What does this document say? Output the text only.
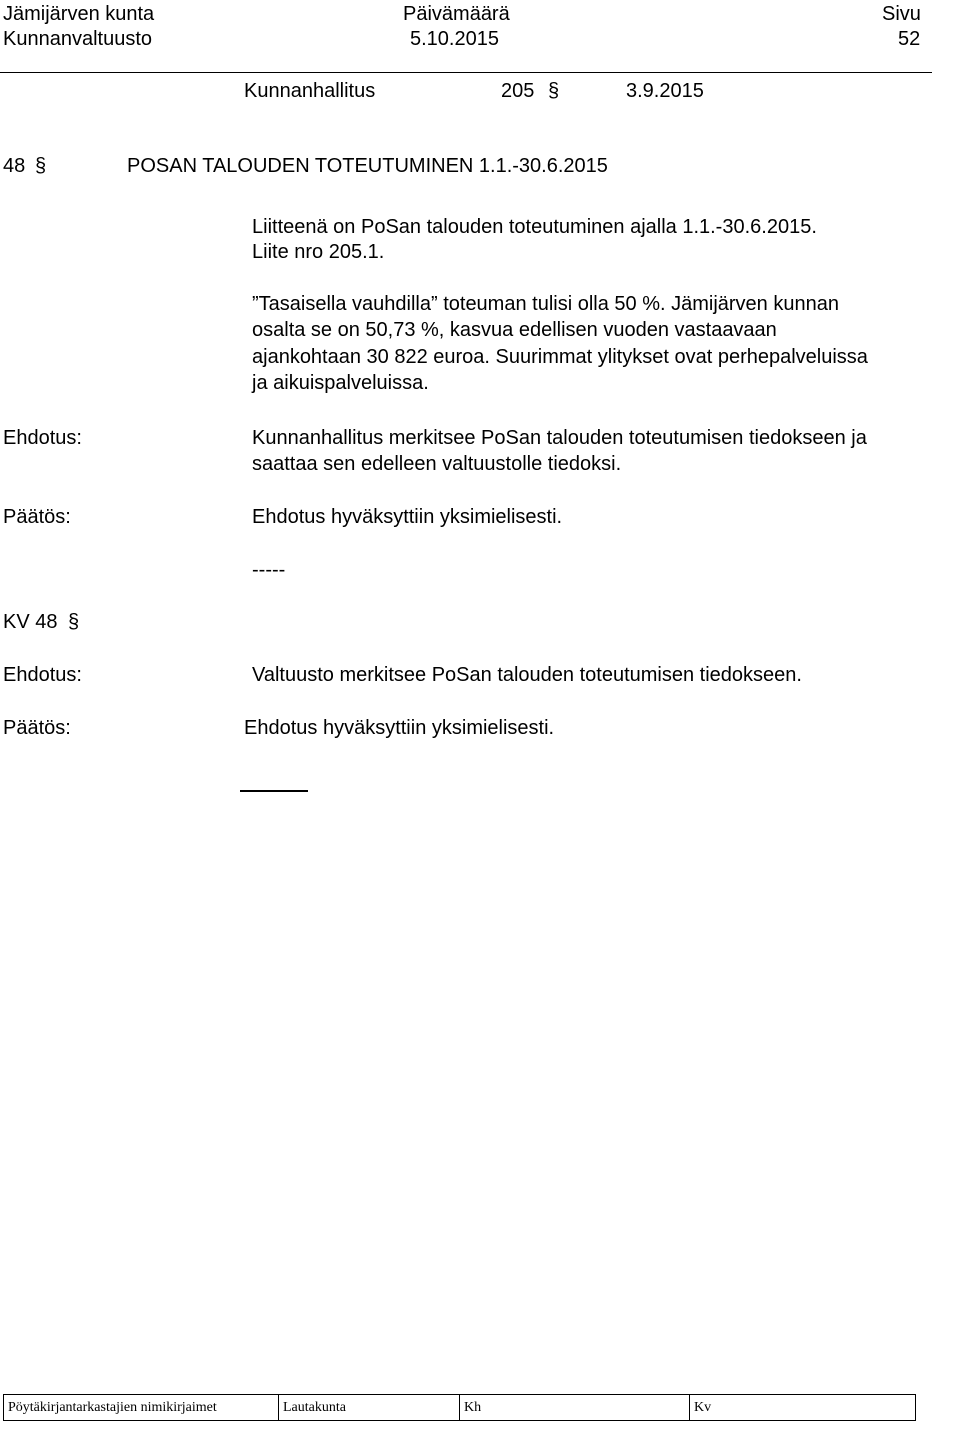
Jämijärven kunta
Kunnanvaltuusto
Päivämäärä
5.10.2015
Sivu
52
Kunnanhallitus	205 §	3.9.2015
48 §	POSAN TALOUDEN TOTEUTUMINEN 1.1.-30.6.2015
Liitteenä on PoSan talouden toteutuminen ajalla 1.1.-30.6.2015.
Liite nro 205.1.
”Tasaisella vauhdilla” toteuman tulisi olla 50 %. Jämijärven kunnan
osalta se on 50,73 %, kasvua edellisen vuoden vastaavaan
ajankohtaan 30 822 euroa. Suurimmat ylitykset ovat perhepalveluissa
ja aikuispalveluissa.
Ehdotus:	Kunnanhallitus merkitsee PoSan talouden toteutumisen tiedokseen ja
saattaa sen edelleen valtuustolle tiedoksi.
Päätös:	Ehdotus hyväksyttiin yksimielisesti.
-----
KV 48 §
Ehdotus:	Valtuusto merkitsee PoSan talouden toteutumisen tiedokseen.
Päätös:	Ehdotus hyväksyttiin yksimielisesti.
Pöytäkirjantarkastajien nimikirjaimet	Lautakunta	Kh	Kv
